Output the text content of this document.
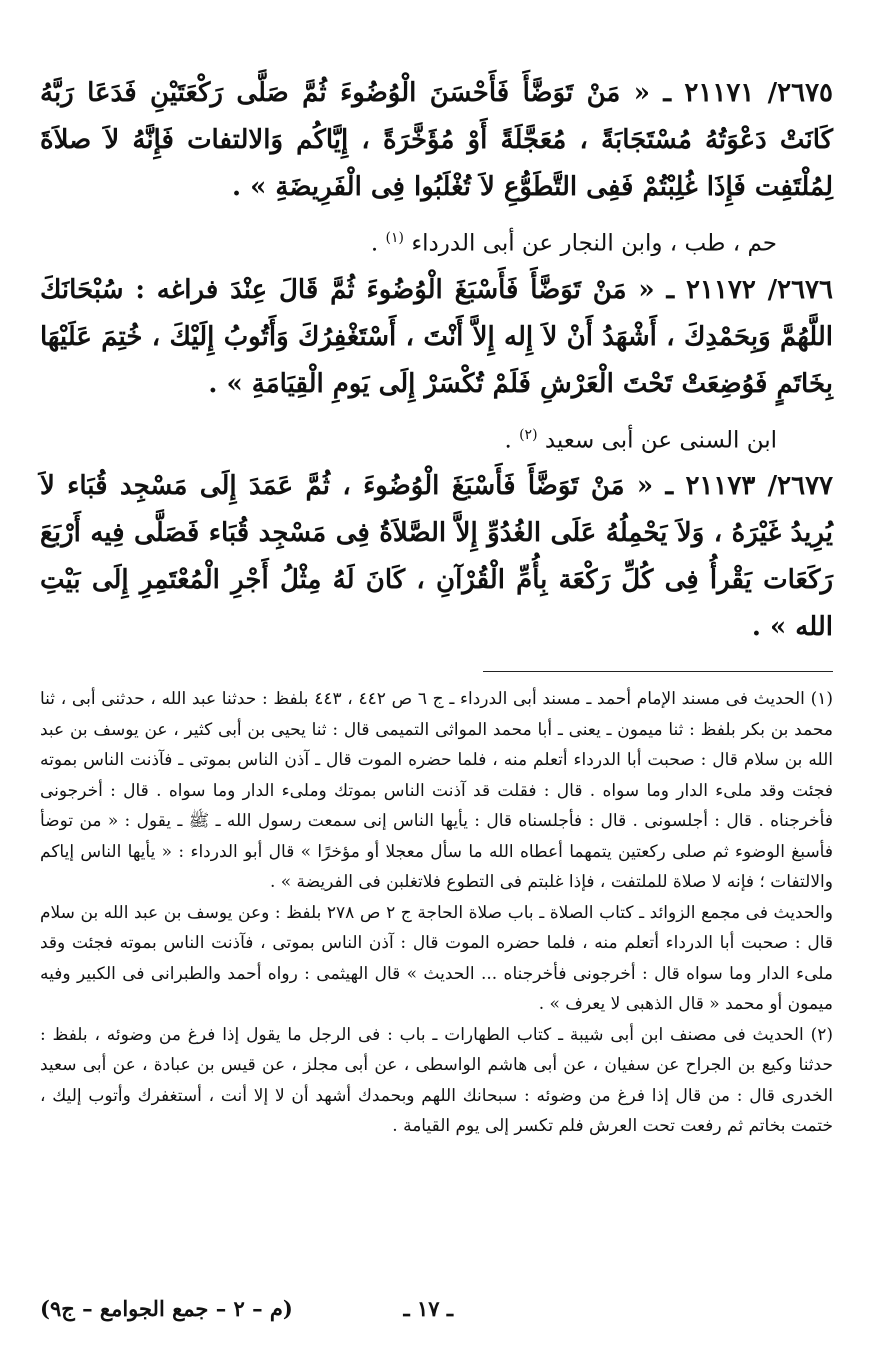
٢٦٧٥/ ٢١١٧١ ـ « مَنْ تَوَضَّأَ فَأَحْسَنَ الْوُضُوءَ ثُمَّ صَلَّى رَكْعَتَيْنِ فَدَعَا رَبَّهُ كَانَتْ دَعْوَتُهُ مُسْتَجَابَةً ، مُعَجَّلَةً أَوْ مُؤَخَّرَةً ، إِيَّاكُم وَالالتفات فَإِنَّهُ لاَ صلاَةَ لِمُلْتَفِت فَإِذَا غُلِبْتُمْ فَفِى التَّطَوُّعِ لاَ تُغْلَبُوا فِى الْفَرِيضَةِ » .

حم ، طب ، وابن النجار عن أبى الدرداء $^{(١)}$ .

٢٦٧٦/ ٢١١٧٢ ـ « مَنْ تَوَضَّأَ فَأَسْبَغَ الْوُضُوءَ ثُمَّ قَالَ عِنْدَ فراغه : سُبْحَانَكَ اللَّهُمَّ وَبِحَمْدِكَ ، أَشْهَدُ أَنْ لاَ إِله إِلاَّ أَنْتَ ، أَسْتَغْفِرُكَ وَأَتُوبُ إِلَيْكَ ، خُتِمَ عَلَيْهَا بِخَاتَمٍ فَوُضِعَتْ تَحْتَ الْعَرْشِ فَلَمْ تُكْسَرْ إِلَى يَومِ الْقِيَامَةِ » .

ابن السنى عن أبى سعيد $^{(٢)}$ .

٢٦٧٧/ ٢١١٧٣ ـ « مَنْ تَوَضَّأَ فَأَسْبَغَ الْوُضُوءَ ، ثُمَّ عَمَدَ إِلَى مَسْجِد قُبَاء لاَ يُرِيدُ غَيْرَهُ ، وَلاَ يَحْمِلُهُ عَلَى الغُدُوِّ إِلاَّ الصَّلاَةُ فِى مَسْجِد قُبَاء فَصَلَّى فِيه أَرْبَعَ رَكَعَات يَقْرأُ فِى كُلِّ رَكْعَة بِأُمِّ الْقُرْآنِ ، كَانَ لَهُ مِثْلُ أَجْرِ الْمُعْتَمِرِ إِلَى بَيْتِ الله » .

(١) الحديث فى مسند الإمام أحمد ـ مسند أبى الدرداء ـ ج ٦ ص ٤٤٢ ، ٤٤٣ بلفظ : حدثنا عبد الله ، حدثنى أبى ، ثنا محمد بن بكر بلفظ : ثنا ميمون ـ يعنى ـ أبا محمد المواثى التميمى قال : ثنا يحيى بن أبى كثير ، عن يوسف بن عبد الله بن سلام قال : صحبت أبا الدرداء أتعلم منه ، فلما حضره الموت قال ـ آذن الناس بموتى ـ فآذنت الناس بموته فجئت وقد ملىء الدار وما سواه . قال : فقلت قد آذنت الناس بموتك وملىء الدار وما سواه . قال : أخرجونى فأخرجناه . قال : أجلسونى . قال : فأجلسناه قال : يأيها الناس إنى سمعت رسول الله ـ ﷺ ـ يقول : « من توضأ فأسبغ الوضوء ثم صلى ركعتين يتمهما أعطاه الله ما سأل معجلا أو مؤخرًا » قال أبو الدرداء : « يأيها الناس إياكم والالتفات ؛ فإنه لا صلاة للملتفت ، فإذا غلبتم فى التطوع فلاتغلبن فى الفريضة » .

والحديث فى مجمع الزوائد ـ كتاب الصلاة ـ باب صلاة الحاجة ج ٢ ص ٢٧٨ بلفظ : وعن يوسف بن عبد الله بن سلام قال : صحبت أبا الدرداء أتعلم منه ، فلما حضره الموت قال : آذن الناس بموتى ، فآذنت الناس بموته فجئت وقد ملىء الدار وما سواه قال : أخرجونى فأخرجناه ... الحديث » قال الهيثمى : رواه أحمد والطبرانى فى الكبير وفيه ميمون أو محمد « قال الذهبى لا يعرف » .

(٢) الحديث فى مصنف ابن أبى شيبة ـ كتاب الطهارات ـ باب : فى الرجل ما يقول إذا فرغ من وضوئه ، بلفظ : حدثنا وكيع بن الجراح عن سفيان ، عن أبى هاشم الواسطى ، عن أبى مجلز ، عن قيس بن عبادة ، عن أبى سعيد الخدرى قال : من قال إذا فرغ من وضوئه : سبحانك اللهم وبحمدك أشهد أن لا إلا أنت ، أستغفرك وأتوب إليك ، ختمت بخاتم ثم رفعت تحت العرش فلم تكسر إلى يوم القيامة .

ـ ١٧ ـ
(م – ٢ – جمع الجوامع – ج٩)
